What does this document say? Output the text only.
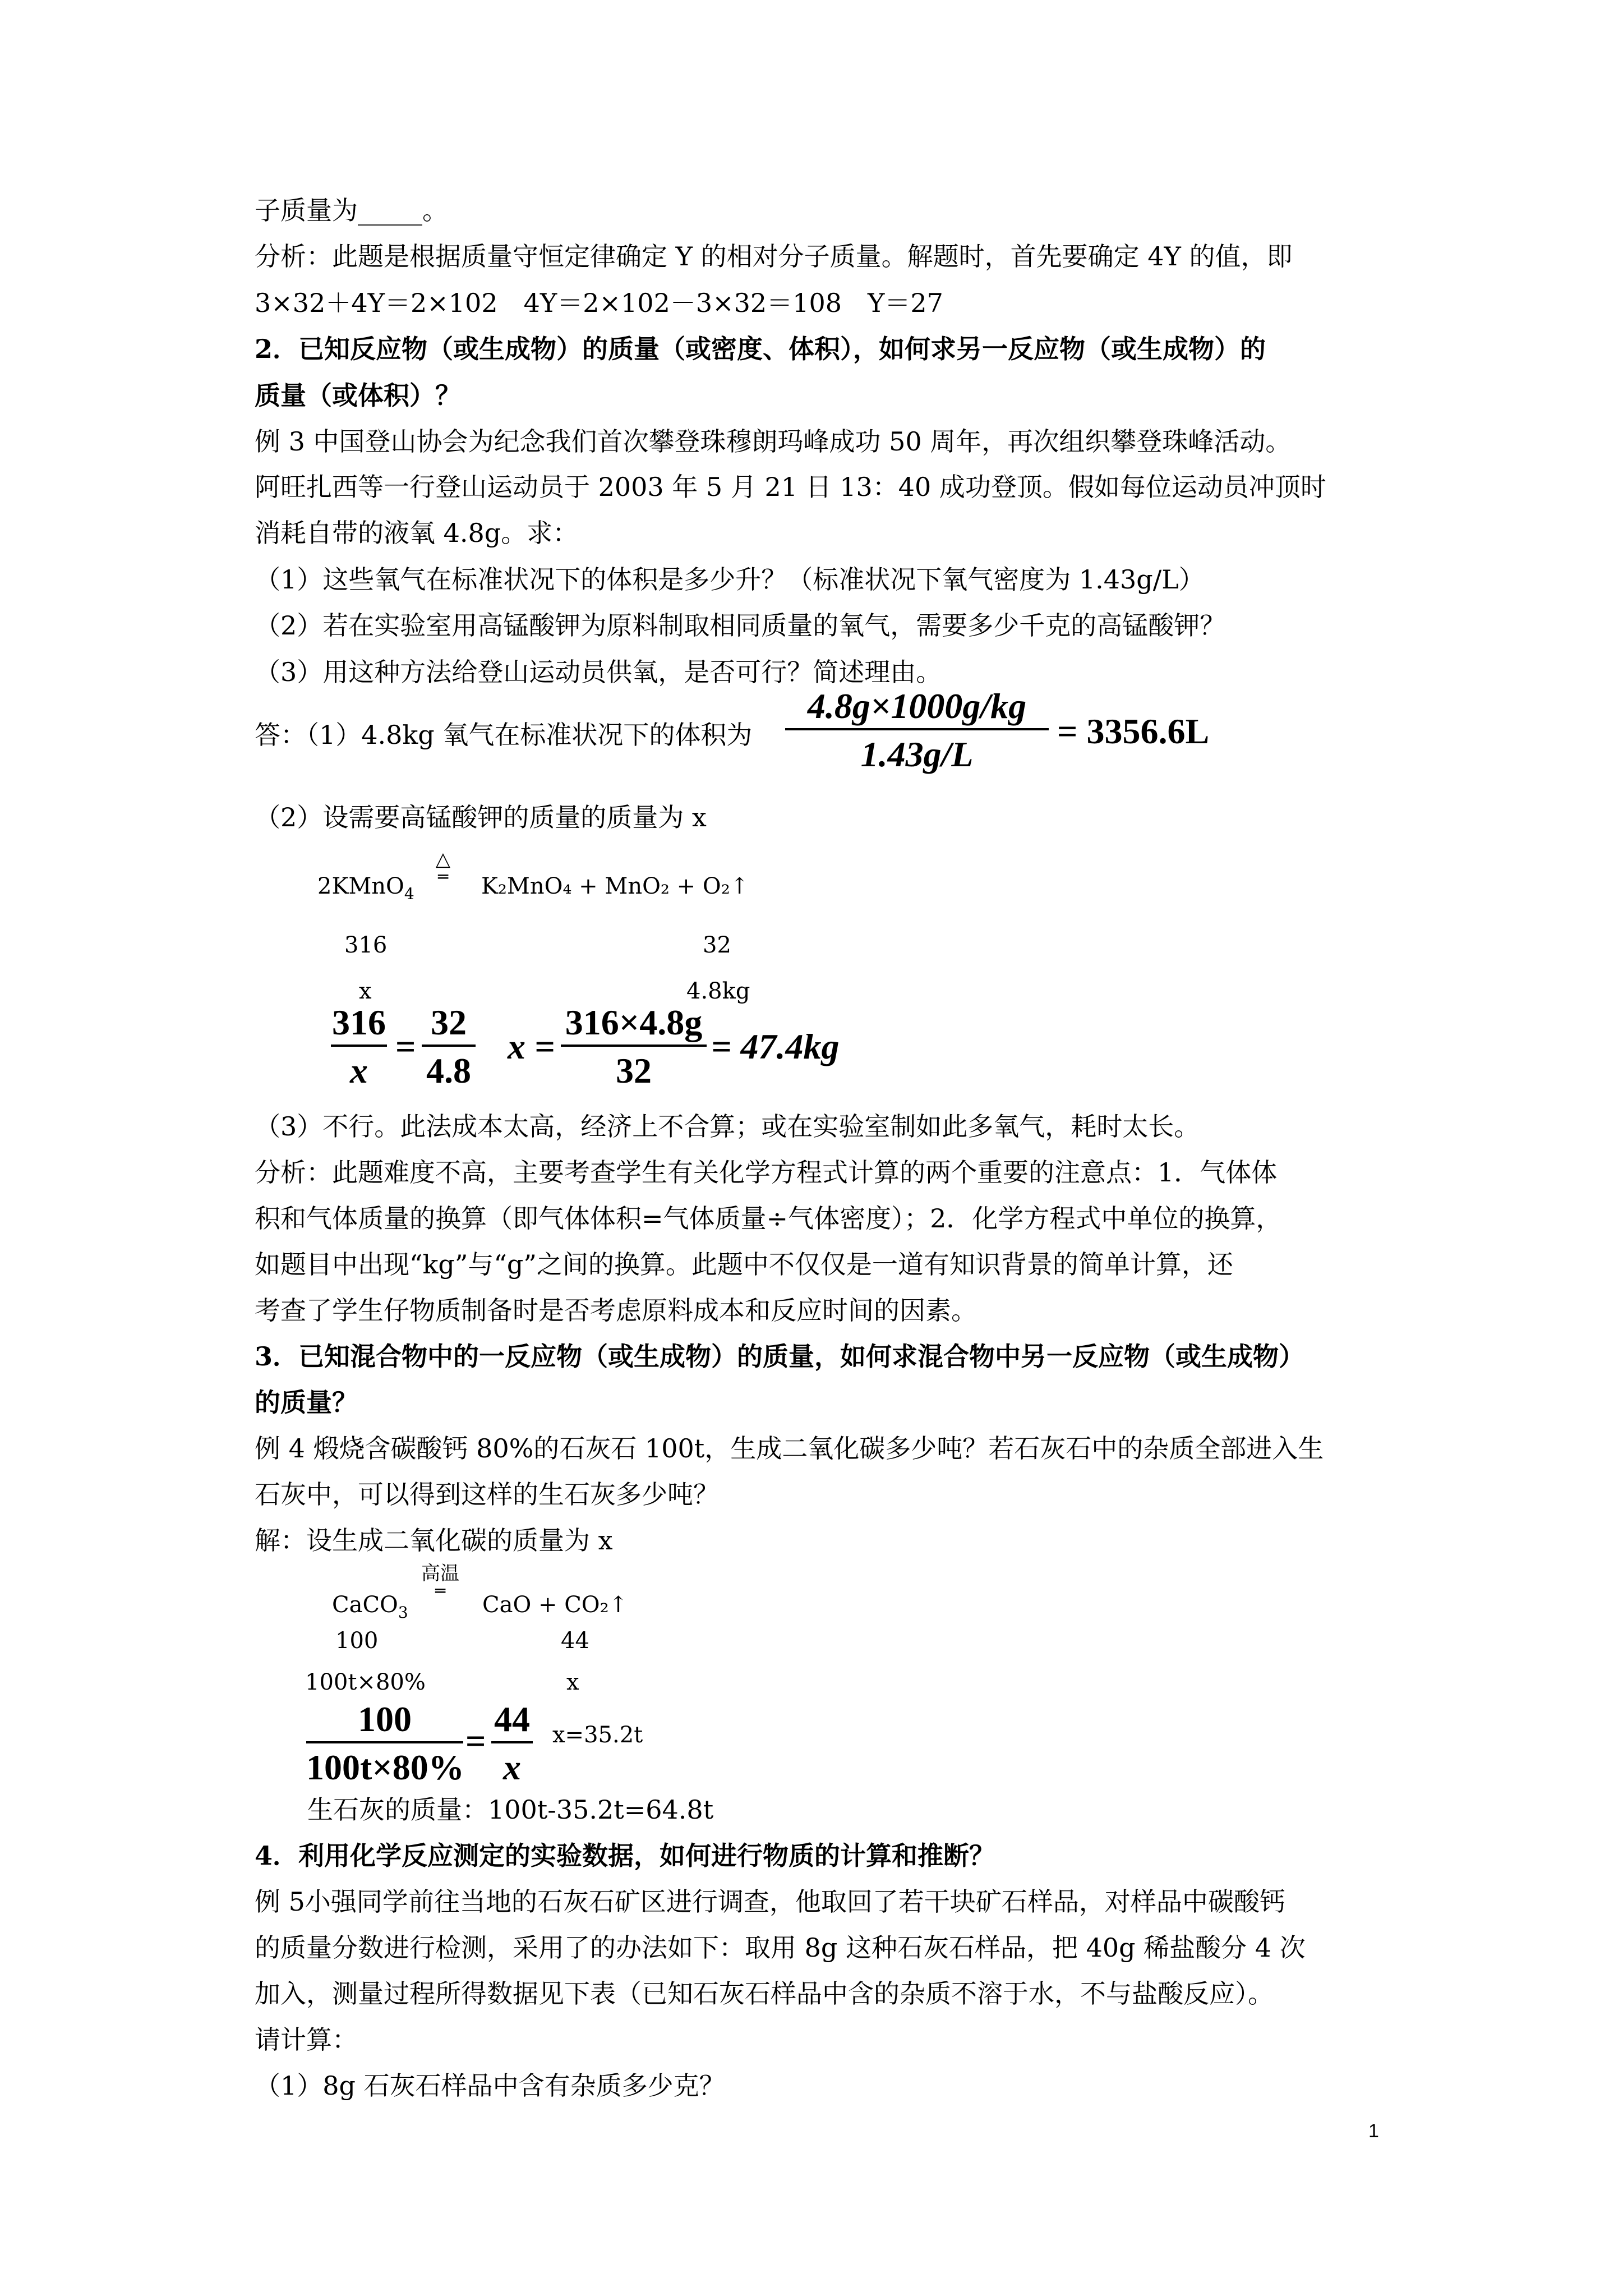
子质量为_____。
分析：此题是根据质量守恒定律确定 Y 的相对分子质量。解题时，首先要确定 4Y 的值，即
3×32＋4Y＝2×102　4Y＝2×102－3×32＝108　Y＝27
2．已知反应物（或生成物）的质量（或密度、体积），如何求另一反应物（或生成物）的
质量（或体积）？
例 3 中国登山协会为纪念我们首次攀登珠穆朗玛峰成功 50 周年，再次组织攀登珠峰活动。
阿旺扎西等一行登山运动员于 2003 年 5 月 21 日 13：40 成功登顶。假如每位运动员冲顶时
消耗自带的液氧 4.8g。求：
（1）这些氧气在标准状况下的体积是多少升？（标准状况下氧气密度为 1.43g/L）
（2）若在实验室用高锰酸钾为原料制取相同质量的氧气，需要多少千克的高锰酸钾？
（3）用这种方法给登山运动员供氧，是否可行？简述理由。
答：（1）4.8kg 氧气在标准状况下的体积为
4.8g×1000g/kg
1.43g/L
= 3356.6L
（2）设需要高锰酸钾的质量的质量为 x
2KMnO$_4$
△
═	K₂MnO₄ + MnO₂ + O₂↑
316	32
x	4.8kg
316
x
=
32
4.8
x =
316×4.8g
32
= 47.4kg
（3）不行。此法成本太高，经济上不合算；或在实验室制如此多氧气，耗时太长。
分析：此题难度不高，主要考查学生有关化学方程式计算的两个重要的注意点：1．气体体
积和气体质量的换算（即气体体积=气体质量÷气体密度）；2．化学方程式中单位的换算，
如题目中出现“kg”与“g”之间的换算。此题中不仅仅是一道有知识背景的简单计算，还
考查了学生仔物质制备时是否考虑原料成本和反应时间的因素。
3．已知混合物中的一反应物（或生成物）的质量，如何求混合物中另一反应物（或生成物）
的质量？
例 4 煅烧含碳酸钙 80%的石灰石 100t，生成二氧化碳多少吨？若石灰石中的杂质全部进入生
石灰中，可以得到这样的生石灰多少吨？
解：设生成二氧化碳的质量为 x
CaCO$_3$
高温
═
CaO + CO₂↑
100	44
100t×80%	x
100
100t×80%
=
44
x
x=35.2t
生石灰的质量：100t-35.2t=64.8t
4．利用化学反应测定的实验数据，如何进行物质的计算和推断？
例 5小强同学前往当地的石灰石矿区进行调查，他取回了若干块矿石样品，对样品中碳酸钙
的质量分数进行检测，采用了的办法如下：取用 8g 这种石灰石样品，把 40g 稀盐酸分 4 次
加入，测量过程所得数据见下表（已知石灰石样品中含的杂质不溶于水，不与盐酸反应）。
请计算：
（1）8g 石灰石样品中含有杂质多少克？
1
